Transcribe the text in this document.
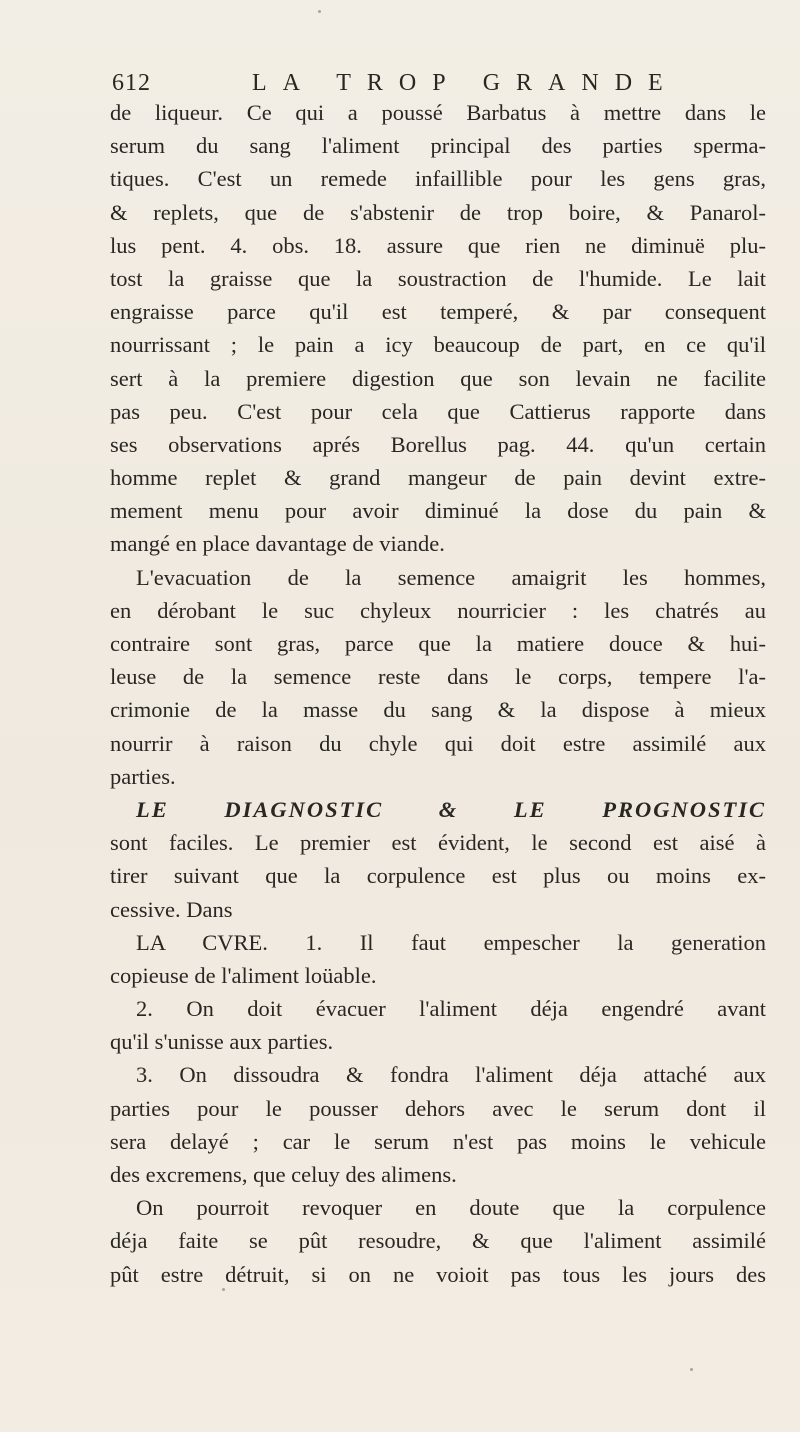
612	LA TROP GRANDE
de liqueur. Ce qui a poussé Barbatus à mettre dans le
serum du sang l'aliment principal des parties sperma-
tiques. C'est un remede infaillible pour les gens gras,
& replets, que de s'abstenir de trop boire, & Panarol-
lus pent. 4. obs. 18. assure que rien ne diminuë plu-
tost la graisse que la soustraction de l'humide. Le lait
engraisse parce qu'il est temperé, & par consequent
nourrissant ; le pain a icy beaucoup de part, en ce qu'il
sert à la premiere digestion que son levain ne facilite
pas peu. C'est pour cela que Cattierus rapporte dans
ses observations aprés Borellus pag. 44. qu'un certain
homme replet & grand mangeur de pain devint extre-
mement menu pour avoir diminué la dose du pain &
mangé en place davantage de viande.
L'evacuation de la semence amaigrit les hommes,
en dérobant le suc chyleux nourricier : les chatrés au
contraire sont gras, parce que la matiere douce & hui-
leuse de la semence reste dans le corps, tempere l'a-
crimonie de la masse du sang & la dispose à mieux
nourrir à raison du chyle qui doit estre assimilé aux
parties.
LE DIAGNOSTIC & LE PROGNOSTIC
sont faciles. Le premier est évident, le second est aisé à
tirer suivant que la corpulence est plus ou moins ex-
cessive. Dans
LA CVRE. 1. Il faut empescher la generation
copieuse de l'aliment loüable.
2. On doit évacuer l'aliment déja engendré avant
qu'il s'unisse aux parties.
3. On dissoudra & fondra l'aliment déja attaché aux
parties pour le pousser dehors avec le serum dont il
sera delayé ; car le serum n'est pas moins le vehicule
des excremens, que celuy des alimens.
On pourroit revoquer en doute que la corpulence
déja faite se pût resoudre, & que l'aliment assimilé
pût estre détruit, si on ne voioit pas tous les jours des
